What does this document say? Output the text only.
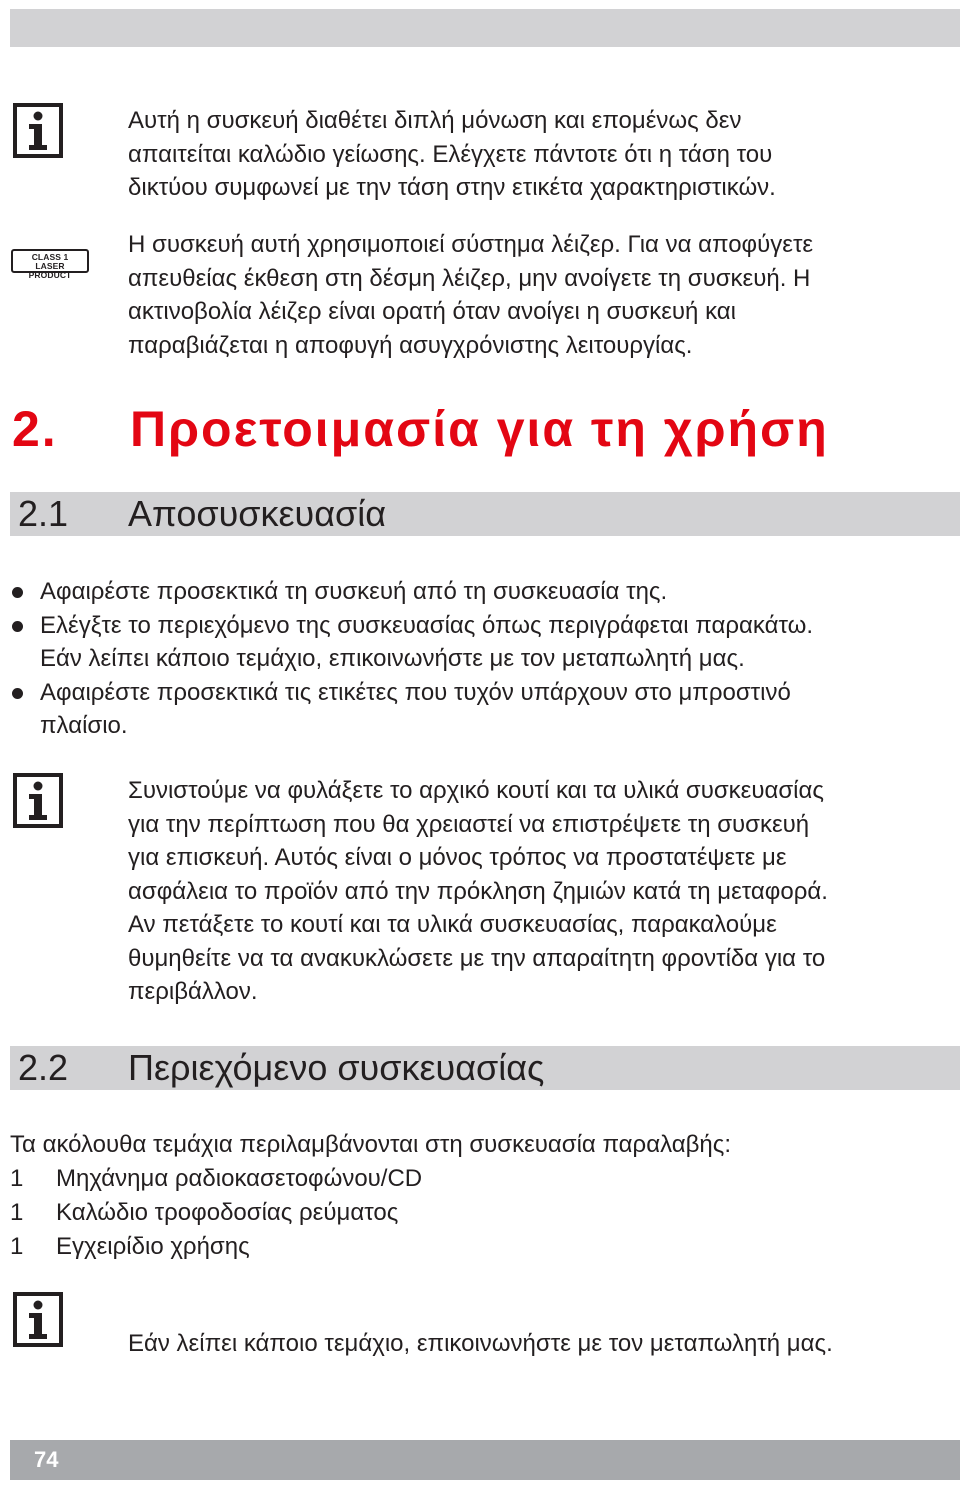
Αυτή η συσκευή διαθέτει διπλή μόνωση και επομένως δεν
απαιτείται καλώδιο γείωσης. Ελέγχετε πάντοτε ότι η τάση του
δικτύου συμφωνεί με την τάση στην ετικέτα χαρακτηριστικών.
CLASS 1
LASER PRODUCT
Η συσκευή αυτή χρησιμοποιεί σύστημα λέιζερ. Για να αποφύγετε
απευθείας έκθεση στη δέσμη λέιζερ, μην ανοίγετε τη συσκευή. Η
ακτινοβολία λέιζερ είναι ορατή όταν ανοίγει η συσκευή και
παραβιάζεται η αποφυγή ασυγχρόνιστης λειτουργίας.
2. Προετοιμασία για τη χρήση
2.1 Αποσυσκευασία
Αφαιρέστε προσεκτικά τη συσκευή από τη συσκευασία της.
Ελέγξτε το περιεχόμενο της συσκευασίας όπως περιγράφεται παρακάτω.
Εάν λείπει κάποιο τεμάχιο, επικοινωνήστε με τον μεταπωλητή μας.
Αφαιρέστε προσεκτικά τις ετικέτες που τυχόν υπάρχουν στο μπροστινό
πλαίσιο.
Συνιστούμε να φυλάξετε το αρχικό κουτί και τα υλικά συσκευασίας
για την περίπτωση που θα χρειαστεί να επιστρέψετε τη συσκευή
για επισκευή. Αυτός είναι ο μόνος τρόπος να προστατέψετε με
ασφάλεια το προϊόν από την πρόκληση ζημιών κατά τη μεταφορά.
Αν πετάξετε το κουτί και τα υλικά συσκευασίας, παρακαλούμε
θυμηθείτε να τα ανακυκλώσετε με την απαραίτητη φροντίδα για το
περιβάλλον.
2.2 Περιεχόμενο συσκευασίας
Τα ακόλουθα τεμάχια περιλαμβάνονται στη συσκευασία παραλαβής:
1 Μηχάνημα ραδιοκασετοφώνου/CD
1 Καλώδιο τροφοδοσίας ρεύματος
1 Εγχειρίδιο χρήσης
Εάν λείπει κάποιο τεμάχιο, επικοινωνήστε με τον μεταπωλητή μας.
74
